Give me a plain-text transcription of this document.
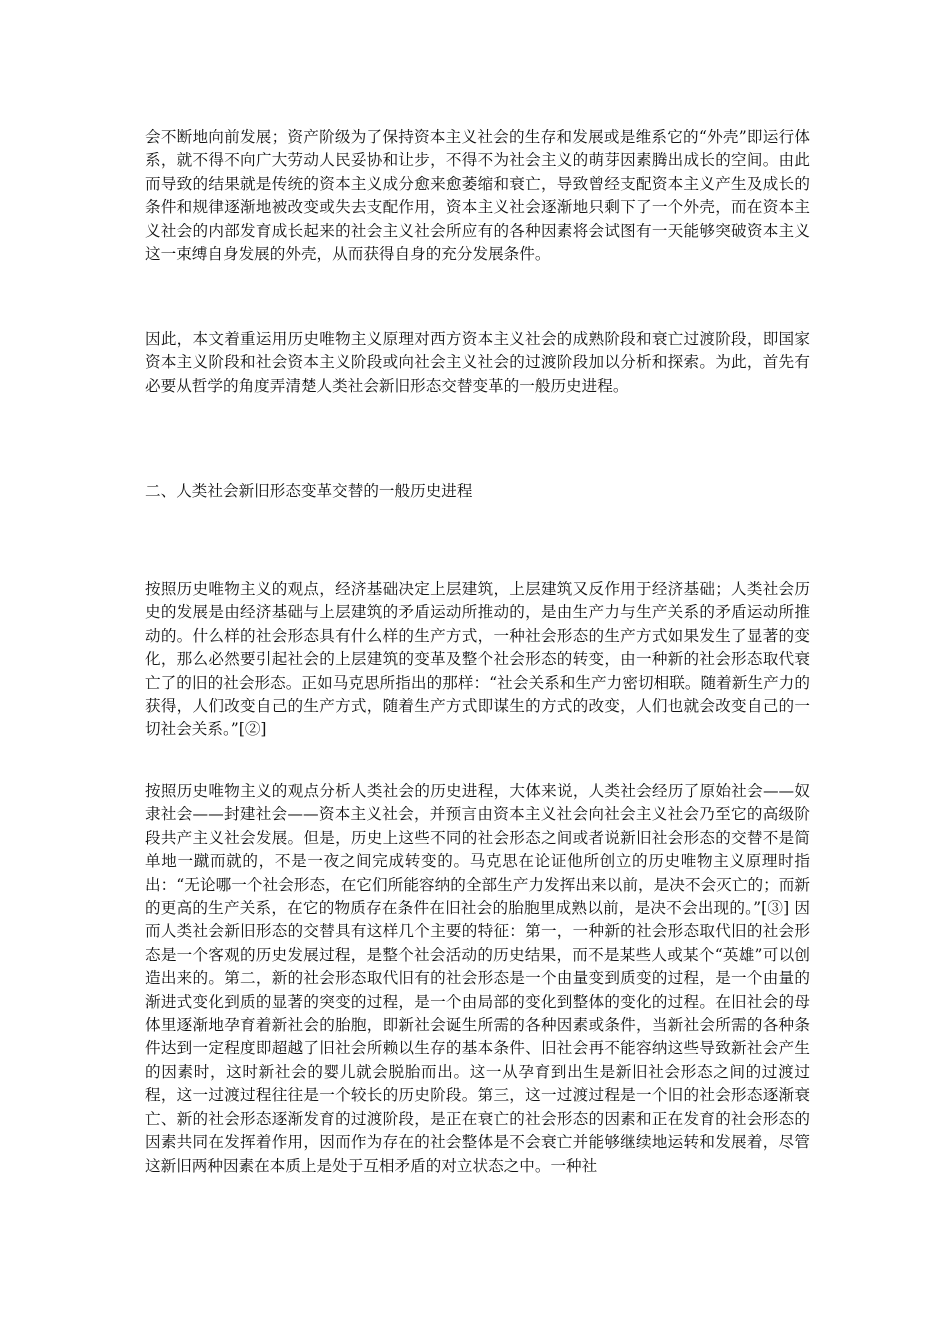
会不断地向前发展；资产阶级为了保持资本主义社会的生存和发展或是维系它的“外壳”即运行体系，就不得不向广大劳动人民妥协和让步，不得不为社会主义的萌芽因素腾出成长的空间。由此而导致的结果就是传统的资本主义成分愈来愈萎缩和衰亡，导致曾经支配资本主义产生及成长的条件和规律逐渐地被改变或失去支配作用，资本主义社会逐渐地只剩下了一个外壳，而在资本主义社会的内部发育成长起来的社会主义社会所应有的各种因素将会试图有一天能够突破资本主义这一束缚自身发展的外壳，从而获得自身的充分发展条件。

因此，本文着重运用历史唯物主义原理对西方资本主义社会的成熟阶段和衰亡过渡阶段，即国家资本主义阶段和社会资本主义阶段或向社会主义社会的过渡阶段加以分析和探索。为此，首先有必要从哲学的角度弄清楚人类社会新旧形态交替变革的一般历史进程。

二、人类社会新旧形态变革交替的一般历史进程

按照历史唯物主义的观点，经济基础决定上层建筑，上层建筑又反作用于经济基础；人类社会历史的发展是由经济基础与上层建筑的矛盾运动所推动的，是由生产力与生产关系的矛盾运动所推动的。什么样的社会形态具有什么样的生产方式，一种社会形态的生产方式如果发生了显著的变化，那么必然要引起社会的上层建筑的变革及整个社会形态的转变，由一种新的社会形态取代衰亡了的旧的社会形态。正如马克思所指出的那样：“社会关系和生产力密切相联。随着新生产力的获得，人们改变自己的生产方式，随着生产方式即谋生的方式的改变，人们也就会改变自己的一切社会关系。”[②]

按照历史唯物主义的观点分析人类社会的历史进程，大体来说，人类社会经历了原始社会——奴隶社会——封建社会——资本主义社会，并预言由资本主义社会向社会主义社会乃至它的高级阶段共产主义社会发展。但是，历史上这些不同的社会形态之间或者说新旧社会形态的交替不是简单地一蹴而就的，不是一夜之间完成转变的。马克思在论证他所创立的历史唯物主义原理时指出：“无论哪一个社会形态，在它们所能容纳的全部生产力发挥出来以前，是决不会灭亡的；而新的更高的生产关系，在它的物质存在条件在旧社会的胎胞里成熟以前，是决不会出现的。”[③] 因而人类社会新旧形态的交替具有这样几个主要的特征：第一，一种新的社会形态取代旧的社会形态是一个客观的历史发展过程，是整个社会活动的历史结果，而不是某些人或某个“英雄”可以创造出来的。第二，新的社会形态取代旧有的社会形态是一个由量变到质变的过程，是一个由量的渐进式变化到质的显著的突变的过程，是一个由局部的变化到整体的变化的过程。在旧社会的母体里逐渐地孕育着新社会的胎胞，即新社会诞生所需的各种因素或条件，当新社会所需的各种条件达到一定程度即超越了旧社会所赖以生存的基本条件、旧社会再不能容纳这些导致新社会产生的因素时，这时新社会的婴儿就会脱胎而出。这一从孕育到出生是新旧社会形态之间的过渡过程，这一过渡过程往往是一个较长的历史阶段。第三，这一过渡过程是一个旧的社会形态逐渐衰亡、新的社会形态逐渐发育的过渡阶段，是正在衰亡的社会形态的因素和正在发育的社会形态的因素共同在发挥着作用，因而作为存在的社会整体是不会衰亡并能够继续地运转和发展着，尽管这新旧两种因素在本质上是处于互相矛盾的对立状态之中。一种社
